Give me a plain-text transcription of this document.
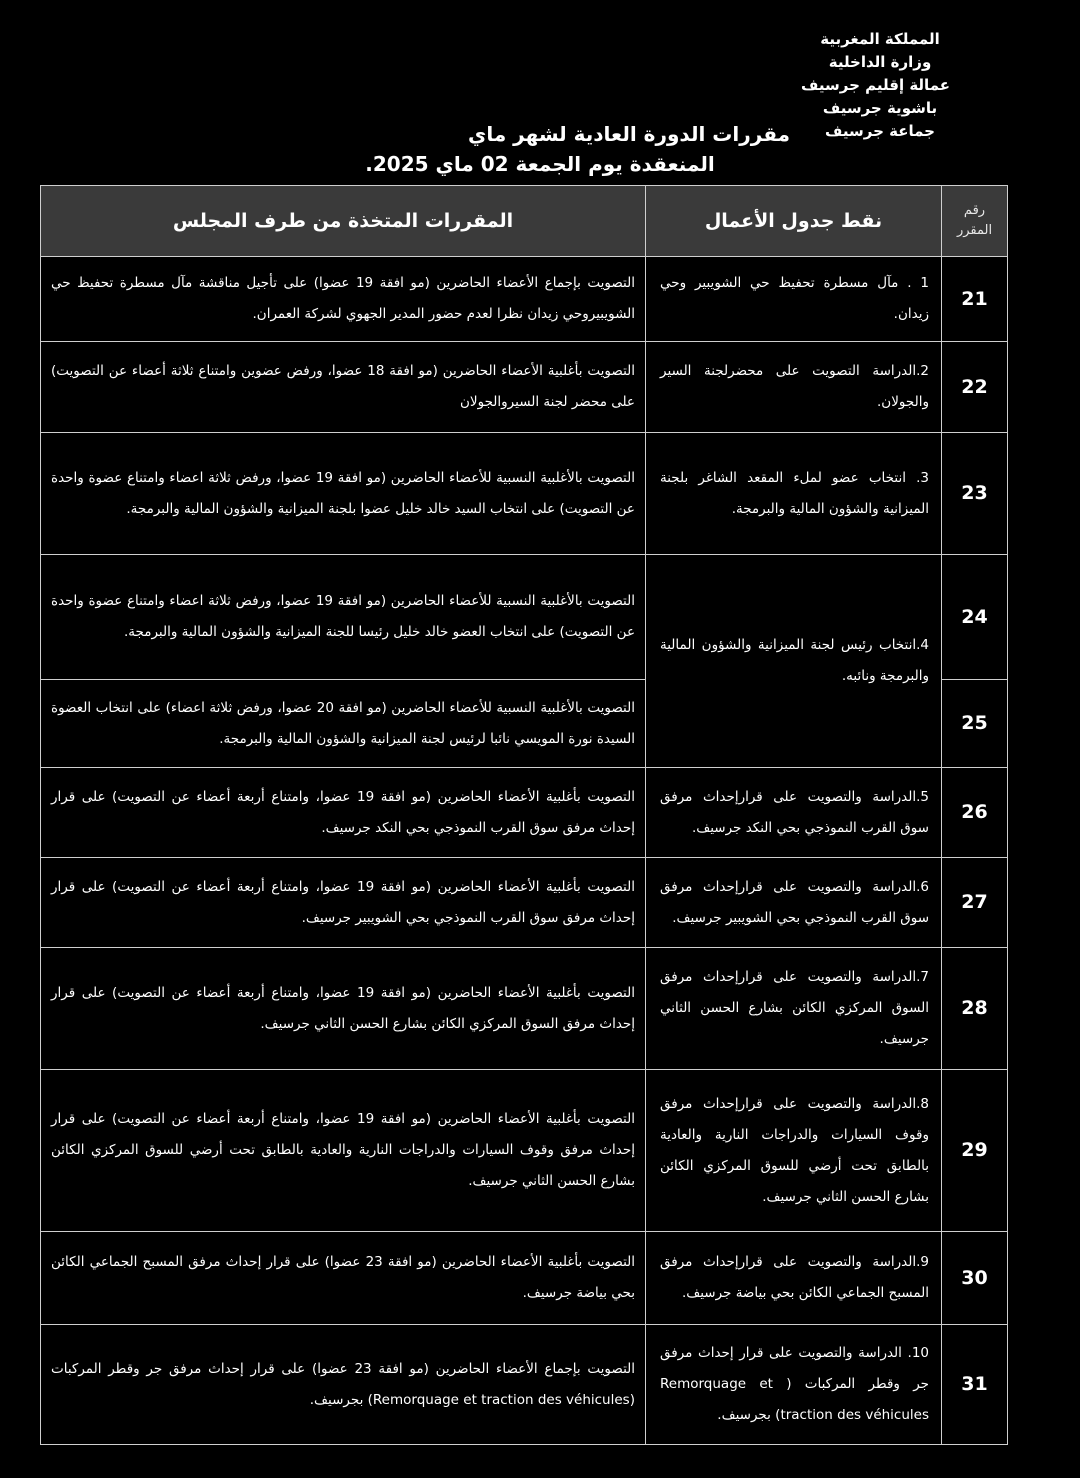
المملكة المغربية
وزارة الداخلية
عمالة إقليم جرسيف
باشوية جرسيف
جماعة جرسيف
مقررات الدورة العادية لشهر ماي
المنعقدة يوم الجمعة 02 ماي 2025.
رقم المقرر	نقط جدول الأعمال	المقررات المتخذة من طرف المجلس
21	1 . مآل مسطرة تحفيظ حي الشويبير وحي زيدان.	التصويت بإجماع الأعضاء الحاضرين (مو افقة 19 عضوا) على تأجيل مناقشة مآل مسطرة تحفيظ حي الشويبيروحي زيدان نظرا لعدم حضور المدير الجهوي لشركة العمران.
22	2.الدراسة التصويت على محضرلجنة السير والجولان.	التصويت بأغلبية الأعضاء الحاضرين (مو افقة 18 عضوا، ورفض عضوين وامتناع ثلاثة أعضاء عن التصويت) على محضر لجنة السيروالجولان
23	3. انتخاب عضو لملء المقعد الشاغر بلجنة الميزانية والشؤون المالية والبرمجة.	التصويت بالأغلبية النسبية للأعضاء الحاضرين (مو افقة 19 عضوا، ورفض ثلاثة اعضاء وامتناع عضوة واحدة عن التصويت) على انتخاب السيد خالد خليل عضوا بلجنة الميزانية والشؤون المالية والبرمجة.
24	4.انتخاب رئيس لجنة الميزانية والشؤون المالية والبرمجة ونائبه.	التصويت بالأغلبية النسبية للأعضاء الحاضرين (مو افقة 19 عضوا، ورفض ثلاثة اعضاء وامتناع عضوة واحدة عن التصويت) على انتخاب العضو خالد خليل رئيسا للجنة الميزانية والشؤون المالية والبرمجة.
25		التصويت بالأغلبية النسبية للأعضاء الحاضرين (مو افقة 20 عضوا، ورفض ثلاثة اعضاء) على انتخاب العضوة السيدة نورة المويسي نائبا لرئيس لجنة الميزانية والشؤون المالية والبرمجة.
26	5.الدراسة والتصويت على قرارإحداث مرفق سوق القرب النموذجي بحي النكد جرسيف.	التصويت بأغلبية الأعضاء الحاضرين (مو افقة 19 عضوا، وامتناع أربعة أعضاء عن التصويت) على قرار إحداث مرفق سوق القرب النموذجي بحي النكد جرسيف.
27	6.الدراسة والتصويت على قرارإحداث مرفق سوق القرب النموذجي بحي الشويبير جرسيف.	التصويت بأغلبية الأعضاء الحاضرين (مو افقة 19 عضوا، وامتناع أربعة أعضاء عن التصويت) على قرار إحداث مرفق سوق القرب النموذجي بحي الشويبير جرسيف.
28	7.الدراسة والتصويت على قرارإحداث مرفق السوق المركزي الكائن بشارع الحسن الثاني جرسيف.	التصويت بأغلبية الأعضاء الحاضرين (مو افقة 19 عضوا، وامتناع أربعة أعضاء عن التصويت) على قرار إحداث مرفق السوق المركزي الكائن بشارع الحسن الثاني جرسيف.
29	8.الدراسة والتصويت على قرارإحداث مرفق وقوف السيارات والدراجات النارية والعادية بالطابق تحت أرضي للسوق المركزي الكائن بشارع الحسن الثاني جرسيف.	التصويت بأغلبية الأعضاء الحاضرين (مو افقة 19 عضوا، وامتناع أربعة أعضاء عن التصويت) على قرار إحداث مرفق وقوف السيارات والدراجات النارية والعادية بالطابق تحت أرضي للسوق المركزي الكائن بشارع الحسن الثاني جرسيف.
30	9.الدراسة والتصويت على قرارإحداث مرفق المسبح الجماعي الكائن بحي بياضة جرسيف.	التصويت بأغلبية الأعضاء الحاضرين (مو افقة 23 عضوا) على قرار إحداث مرفق المسبح الجماعي الكائن بحي بياضة جرسيف.
31	10. الدراسة والتصويت على قرار إحداث مرفق جر وقطر المركبات ( Remorquage et traction des véhicules) بجرسيف.	التصويت بإجماع الأعضاء الحاضرين (مو افقة 23 عضوا) على قرار إحداث مرفق جر وقطر المركبات (Remorquage et traction des véhicules) بجرسيف.
